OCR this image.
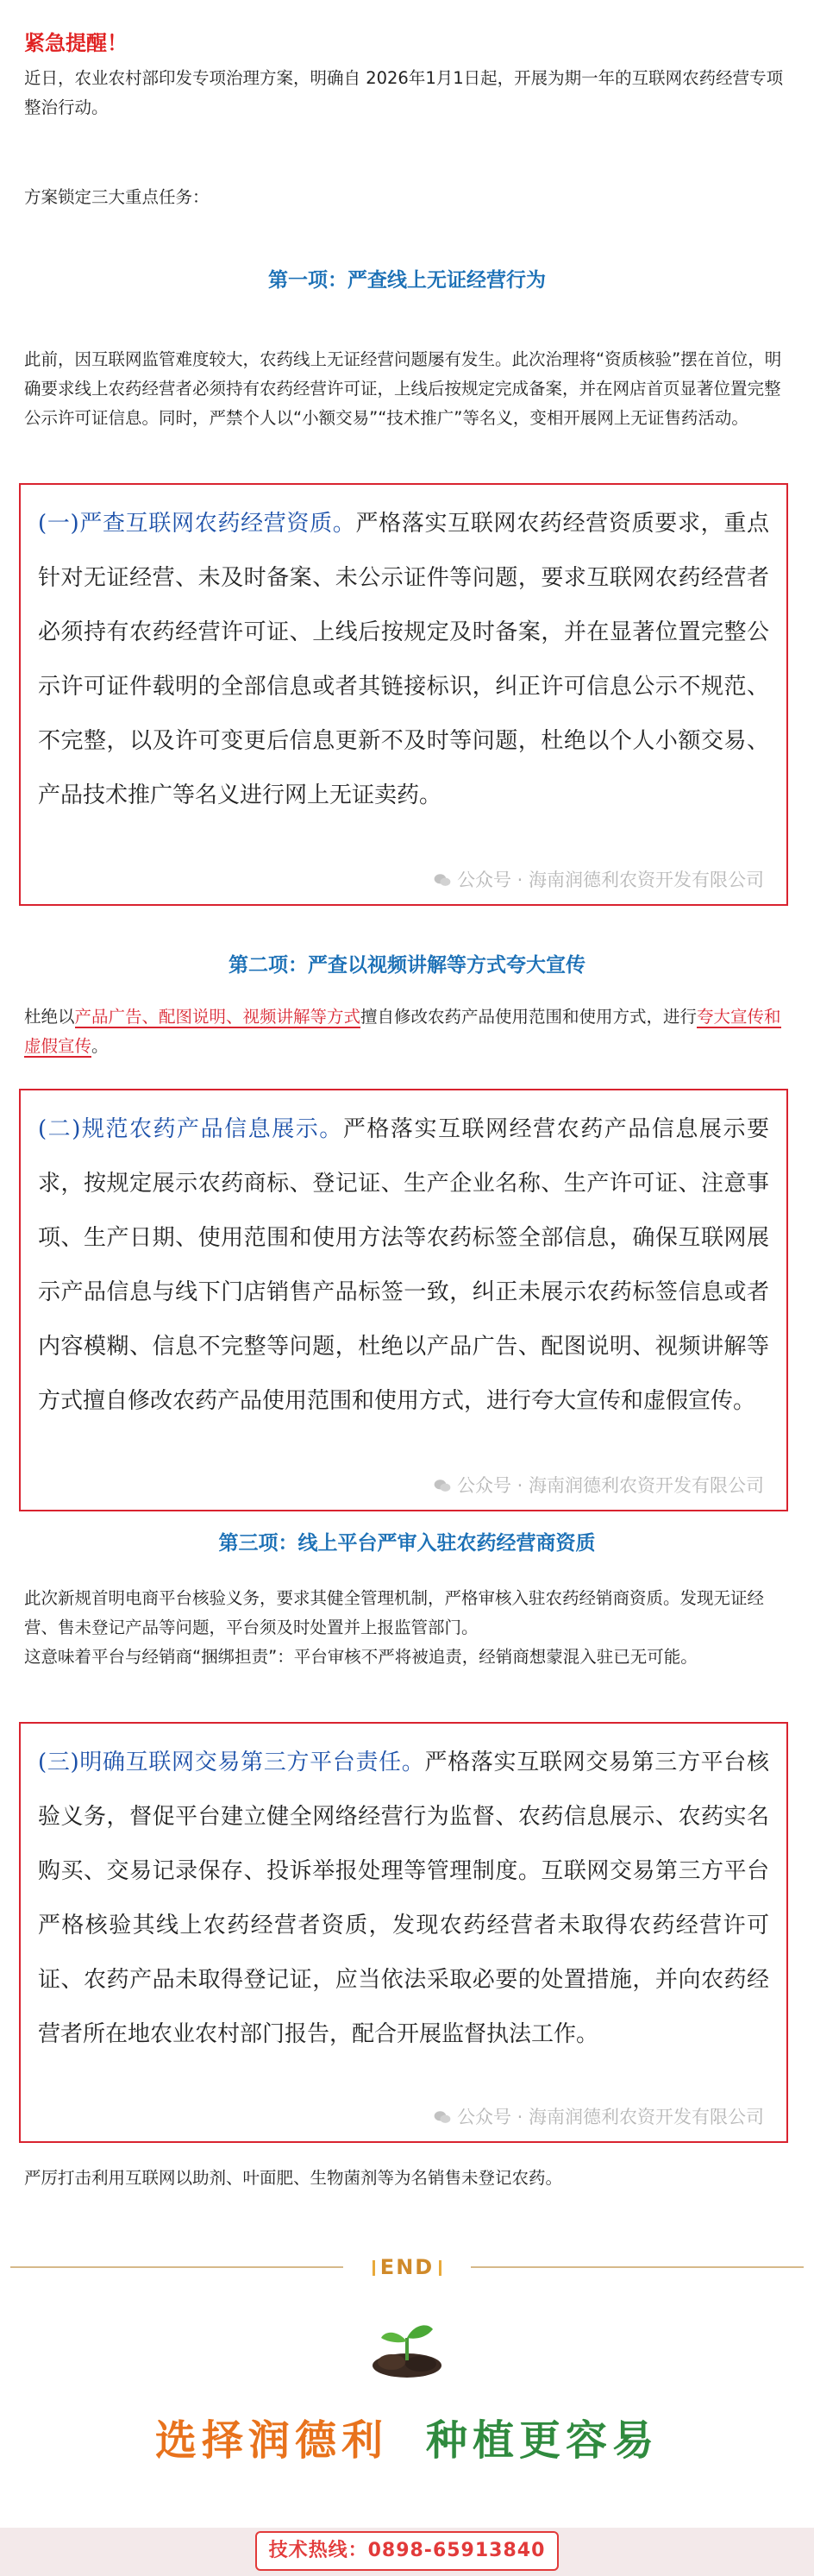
紧急提醒！

近日，农业农村部印发专项治理方案，明确自 2026年1月1日起，开展为期一年的互联网农药经营专项整治行动。

方案锁定三大重点任务：

第一项：严查线上无证经营行为

此前，因互联网监管难度较大，农药线上无证经营问题屡有发生。此次治理将“资质核验”摆在首位，明确要求线上农药经营者必须持有农药经营许可证，上线后按规定完成备案，并在网店首页显著位置完整公示许可证信息。同时，严禁个人以“小额交易”“技术推广”等名义，变相开展网上无证售药活动。

(一)严查互联网农药经营资质。严格落实互联网农药经营资质要求，重点针对无证经营、未及时备案、未公示证件等问题，要求互联网农药经营者必须持有农药经营许可证、上线后按规定及时备案，并在显著位置完整公示许可证件载明的全部信息或者其链接标识，纠正许可信息公示不规范、不完整，以及许可变更后信息更新不及时等问题，杜绝以个人小额交易、产品技术推广等名义进行网上无证卖药。

公众号 · 海南润德利农资开发有限公司
第二项：严查以视频讲解等方式夸大宣传

杜绝以产品广告、配图说明、视频讲解等方式擅自修改农药产品使用范围和使用方式，进行夸大宣传和虚假宣传。

(二)规范农药产品信息展示。严格落实互联网经营农药产品信息展示要求，按规定展示农药商标、登记证、生产企业名称、生产许可证、注意事项、生产日期、使用范围和使用方法等农药标签全部信息，确保互联网展示产品信息与线下门店销售产品标签一致，纠正未展示农药标签信息或者内容模糊、信息不完整等问题，杜绝以产品广告、配图说明、视频讲解等方式擅自修改农药产品使用范围和使用方式，进行夸大宣传和虚假宣传。

公众号 · 海南润德利农资开发有限公司
第三项：线上平台严审入驻农药经营商资质

此次新规首明电商平台核验义务，要求其健全管理机制，严格审核入驻农药经销商资质。发现无证经营、售未登记产品等问题，平台须及时处置并上报监管部门。

这意味着平台与经销商“捆绑担责”：平台审核不严将被追责，经销商想蒙混入驻已无可能。

(三)明确互联网交易第三方平台责任。严格落实互联网交易第三方平台核验义务，督促平台建立健全网络经营行为监督、农药信息展示、农药实名购买、交易记录保存、投诉举报处理等管理制度。互联网交易第三方平台严格核验其线上农药经营者资质，发现农药经营者未取得农药经营许可证、农药产品未取得登记证，应当依法采取必要的处置措施，并向农药经营者所在地农业农村部门报告，配合开展监督执法工作。

公众号 · 海南润德利农资开发有限公司

严厉打击利用互联网以助剂、叶面肥、生物菌剂等为名销售未登记农药。

END
选择润德利 种植更容易
技术热线：0898-65913840
